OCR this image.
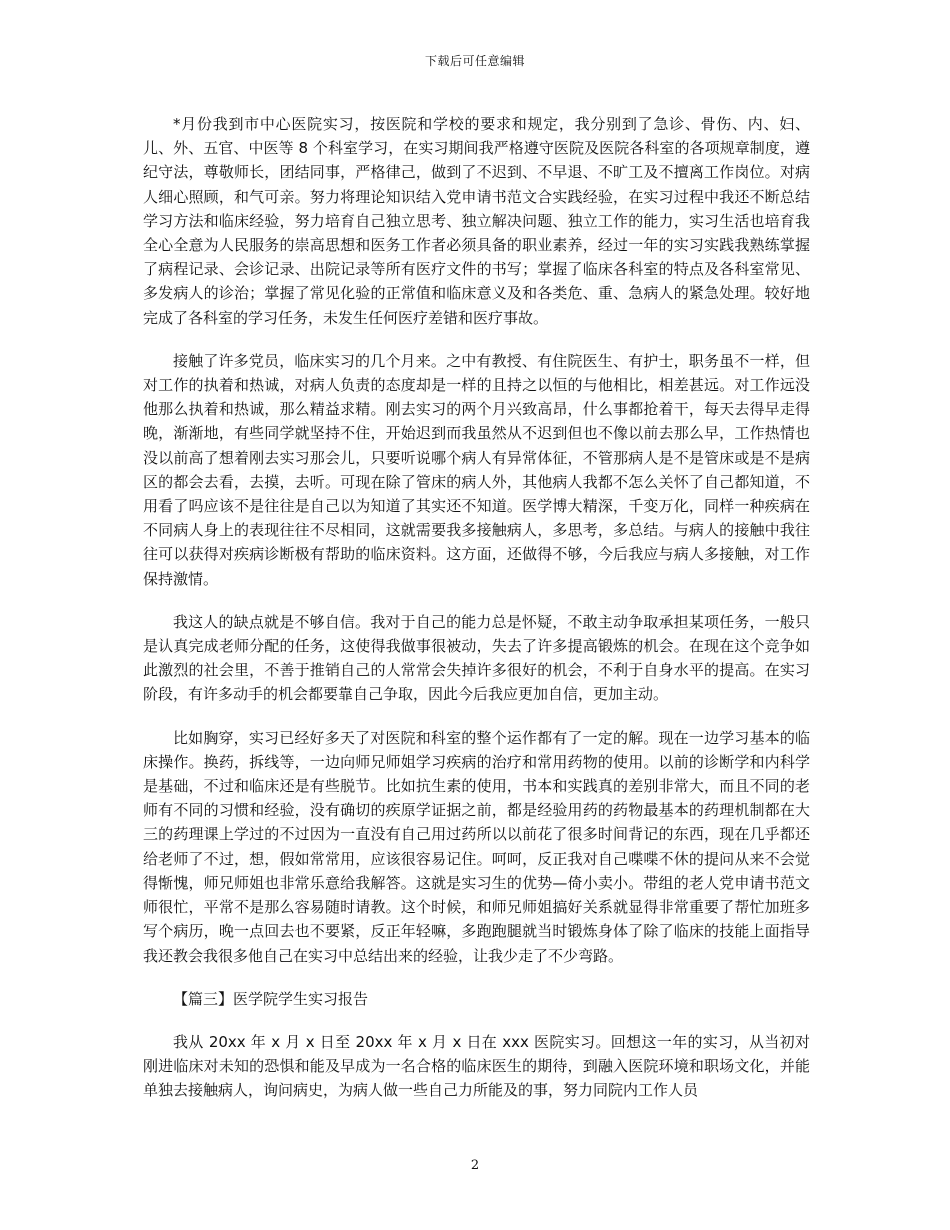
下载后可任意编辑

*月份我到市中心医院实习，按医院和学校的要求和规定，我分别到了急诊、骨伤、内、妇、儿、外、五官、中医等 8 个科室学习，在实习期间我严格遵守医院及医院各科室的各项规章制度，遵纪守法，尊敬师长，团结同事，严格律己，做到了不迟到、不早退、不旷工及不擅离工作岗位。对病人细心照顾，和气可亲。努力将理论知识结入党申请书范文合实践经验，在实习过程中我还不断总结学习方法和临床经验，努力培育自己独立思考、独立解决问题、独立工作的能力，实习生活也培育我全心全意为人民服务的崇高思想和医务工作者必须具备的职业素养，经过一年的实习实践我熟练掌握了病程记录、会诊记录、出院记录等所有医疗文件的书写；掌握了临床各科室的特点及各科室常见、多发病人的诊治；掌握了常见化验的正常值和临床意义及和各类危、重、急病人的紧急处理。较好地完成了各科室的学习任务，未发生任何医疗差错和医疗事故。

接触了许多党员，临床实习的几个月来。之中有教授、有住院医生、有护士，职务虽不一样，但对工作的执着和热诚，对病人负责的态度却是一样的且持之以恒的与他相比，相差甚远。对工作远没他那么执着和热诚，那么精益求精。刚去实习的两个月兴致高昂，什么事都抢着干，每天去得早走得晚，渐渐地，有些同学就坚持不住，开始迟到而我虽然从不迟到但也不像以前去那么早，工作热情也没以前高了想着刚去实习那会儿，只要听说哪个病人有异常体征，不管那病人是不是管床或是不是病区的都会去看，去摸，去听。可现在除了管床的病人外，其他病人我都不怎么关怀了自己都知道，不用看了吗应该不是往往是自己以为知道了其实还不知道。医学博大精深，千变万化，同样一种疾病在不同病人身上的表现往往不尽相同，这就需要我多接触病人，多思考，多总结。与病人的接触中我往往可以获得对疾病诊断极有帮助的临床资料。这方面，还做得不够，今后我应与病人多接触，对工作保持激情。

我这人的缺点就是不够自信。我对于自己的能力总是怀疑，不敢主动争取承担某项任务，一般只是认真完成老师分配的任务，这使得我做事很被动，失去了许多提高锻炼的机会。在现在这个竞争如此激烈的社会里，不善于推销自己的人常常会失掉许多很好的机会，不利于自身水平的提高。在实习阶段，有许多动手的机会都要靠自己争取，因此今后我应更加自信，更加主动。

比如胸穿，实习已经好多天了对医院和科室的整个运作都有了一定的解。现在一边学习基本的临床操作。换药，拆线等，一边向师兄师姐学习疾病的治疗和常用药物的使用。以前的诊断学和内科学是基础，不过和临床还是有些脱节。比如抗生素的使用，书本和实践真的差别非常大，而且不同的老师有不同的习惯和经验，没有确切的疾原学证据之前，都是经验用药的药物最基本的药理机制都在大三的药理课上学过的不过因为一直没有自己用过药所以以前花了很多时间背记的东西，现在几乎都还给老师了不过，想，假如常常用，应该很容易记住。呵呵，反正我对自己喋喋不休的提问从来不会觉得惭愧，师兄师姐也非常乐意给我解答。这就是实习生的优势—倚小卖小。带组的老人党申请书范文师很忙，平常不是那么容易随时请教。这个时候，和师兄师姐搞好关系就显得非常重要了帮忙加班多写个病历，晚一点回去也不要紧，反正年轻嘛，多跑跑腿就当时锻炼身体了除了临床的技能上面指导我还教会我很多他自己在实习中总结出来的经验，让我少走了不少弯路。

【篇三】医学院学生实习报告

我从 20xx 年 x 月 x 日至 20xx 年 x 月 x 日在 xxx 医院实习。回想这一年的实习，从当初对刚进临床对未知的恐惧和能及早成为一名合格的临床医生的期待，到融入医院环境和职场文化，并能单独去接触病人，询问病史，为病人做一些自己力所能及的事，努力同院内工作人员

2
